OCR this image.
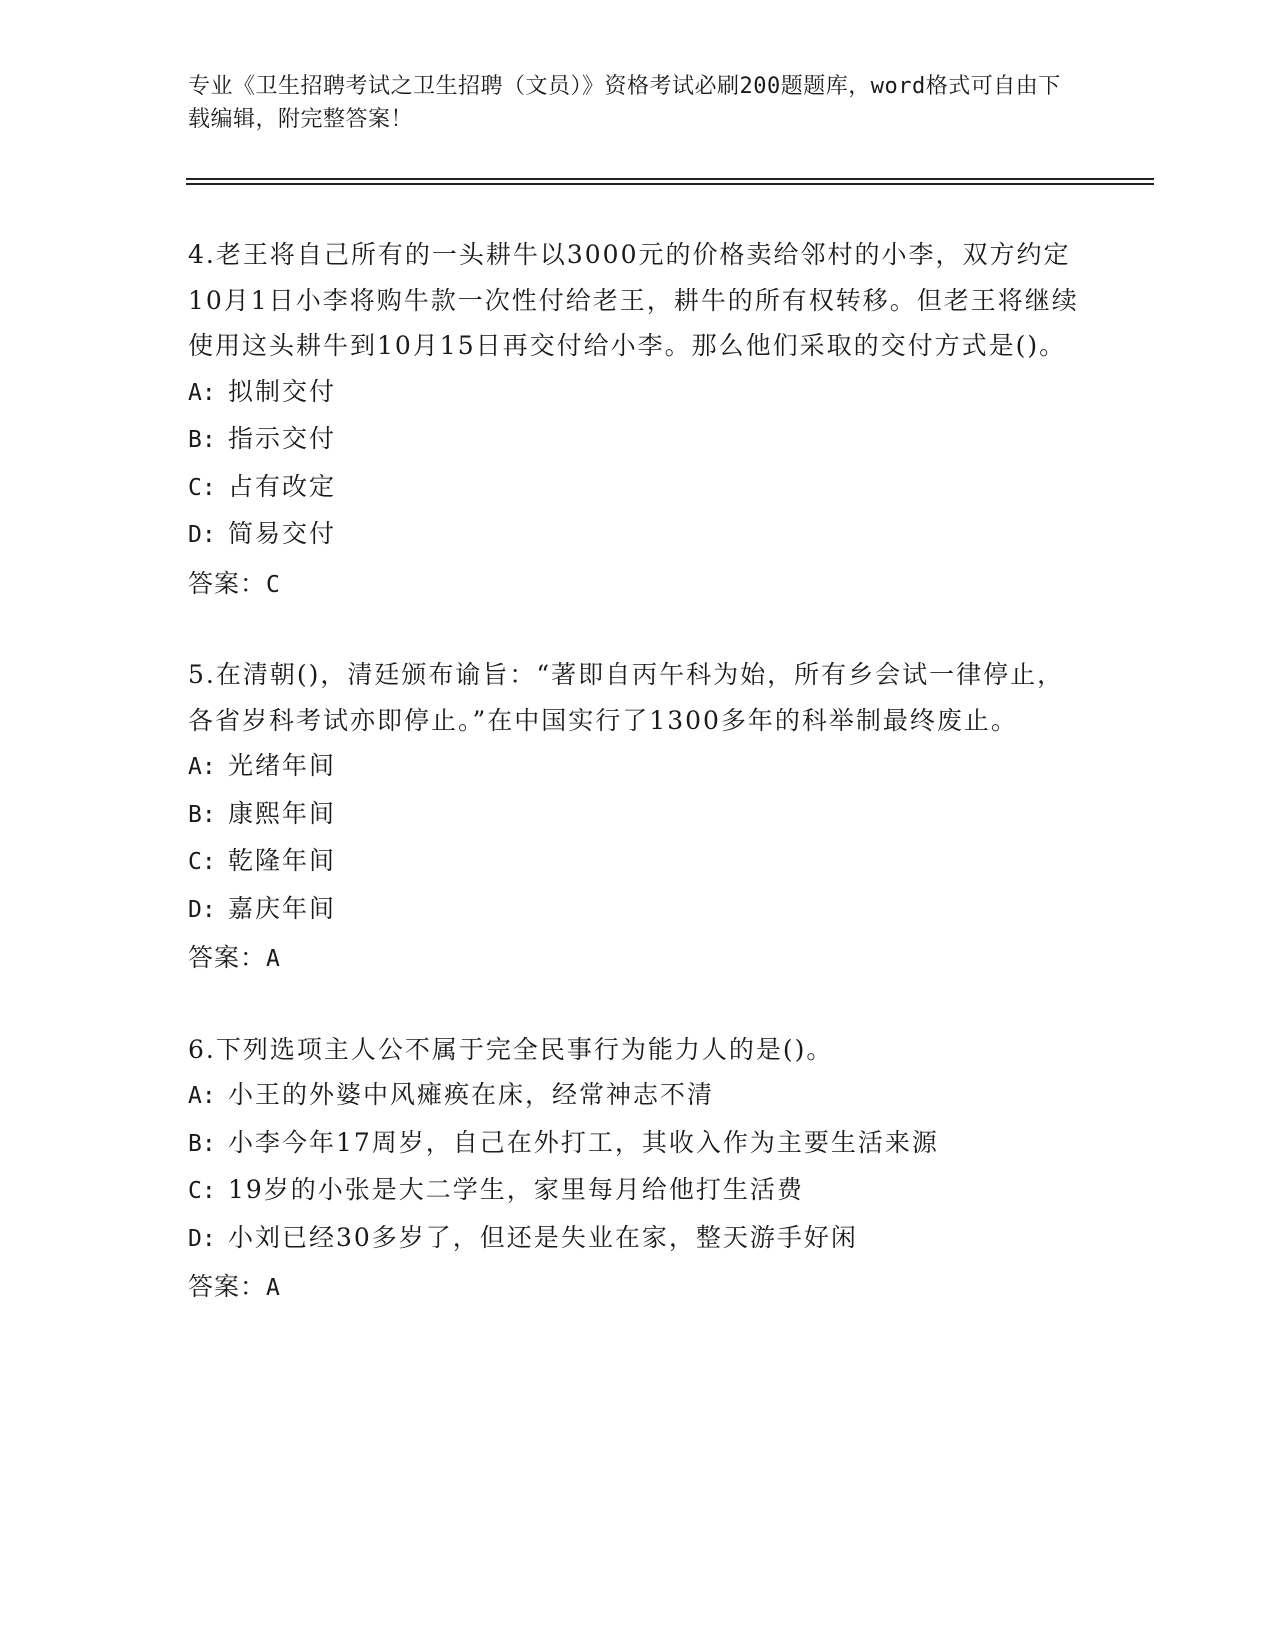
专业《卫生招聘考试之卫生招聘（文员）》资格考试必刷200题题库，word格式可自由下载编辑，附完整答案！

4.老王将自己所有的一头耕牛以3000元的价格卖给邻村的小李，双方约定10月1日小李将购牛款一次性付给老王，耕牛的所有权转移。但老王将继续使用这头耕牛到10月15日再交付给小李。那么他们采取的交付方式是()。

A: 拟制交付
B: 指示交付
C: 占有改定
D: 简易交付
答案：C

5.在清朝()，清廷颁布谕旨：“著即自丙午科为始，所有乡会试一律停止，各省岁科考试亦即停止。”在中国实行了1300多年的科举制最终废止。

A: 光绪年间
B: 康熙年间
C: 乾隆年间
D: 嘉庆年间
答案：A

6.下列选项主人公不属于完全民事行为能力人的是()。

A: 小王的外婆中风瘫痪在床，经常神志不清
B: 小李今年17周岁，自己在外打工，其收入作为主要生活来源
C: 19岁的小张是大二学生，家里每月给他打生活费
D: 小刘已经30多岁了，但还是失业在家，整天游手好闲
答案：A
